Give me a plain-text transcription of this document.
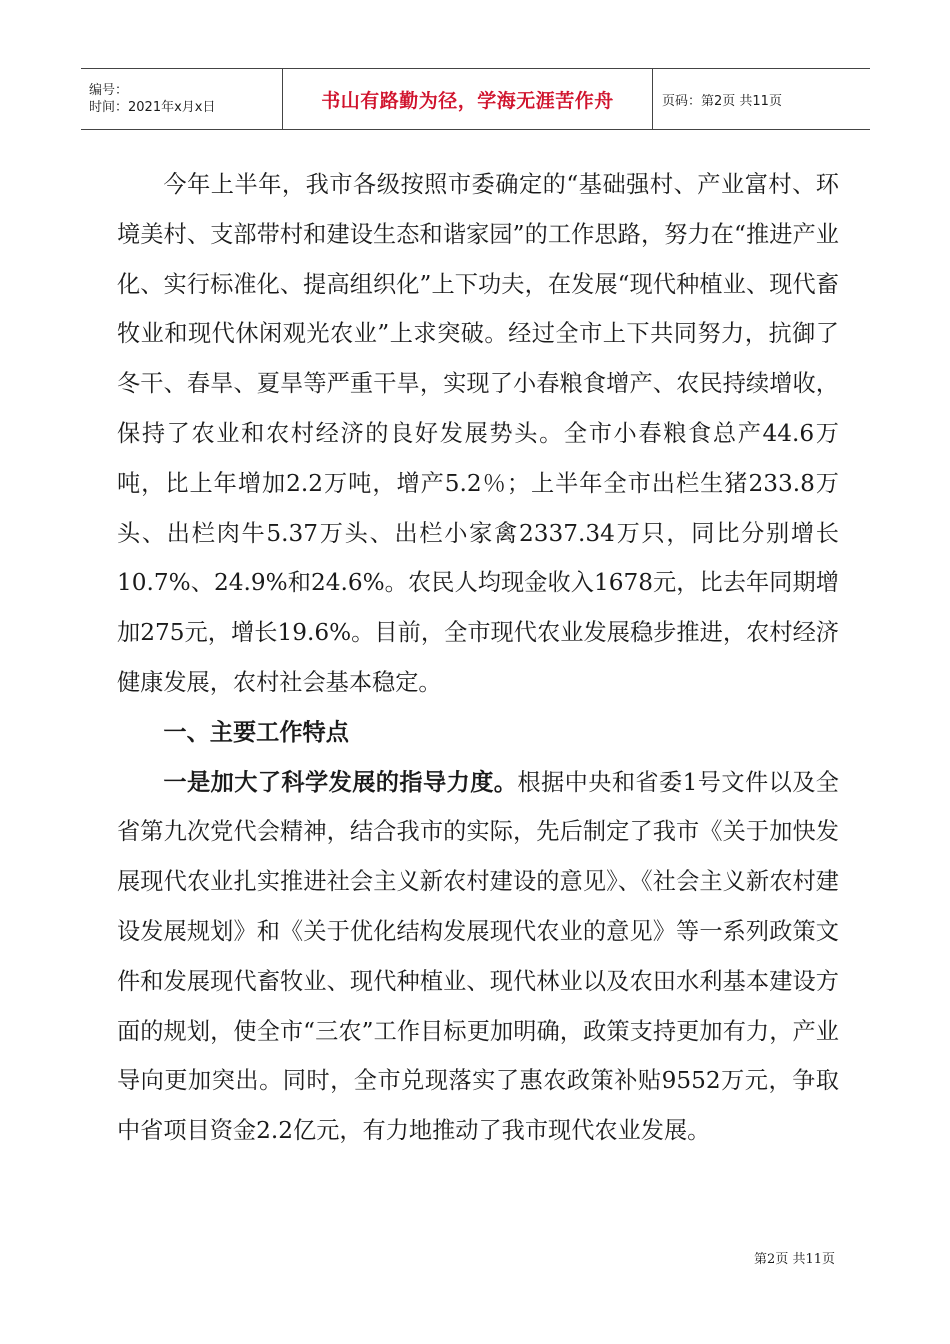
编号：
时间：2021年x月x日	书山有路勤为径，学海无涯苦作舟	页码：第2页 共11页

今年上半年，我市各级按照市委确定的“基础强村、产业富村、环境美村、支部带村和建设生态和谐家园”的工作思路，努力在“推进产业化、实行标准化、提高组织化”上下功夫，在发展“现代种植业、现代畜牧业和现代休闲观光农业”上求突破。经过全市上下共同努力，抗御了冬干、春旱、夏旱等严重干旱，实现了小春粮食增产、农民持续增收，保持了农业和农村经济的良好发展势头。全市小春粮食总产44.6万吨，比上年增加2.2万吨，增产5.2％；上半年全市出栏生猪233.8万头、出栏肉牛5.37万头、出栏小家禽2337.34万只，同比分别增长10.7%、24.9%和24.6%。农民人均现金收入1678元，比去年同期增加275元，增长19.6%。目前，全市现代农业发展稳步推进，农村经济健康发展，农村社会基本稳定。

一、主要工作特点

一是加大了科学发展的指导力度。根据中央和省委1号文件以及全省第九次党代会精神，结合我市的实际，先后制定了我市《关于加快发展现代农业扎实推进社会主义新农村建设的意见》、《社会主义新农村建设发展规划》和《关于优化结构发展现代农业的意见》等一系列政策文件和发展现代畜牧业、现代种植业、现代林业以及农田水利基本建设方面的规划，使全市“三农”工作目标更加明确，政策支持更加有力，产业导向更加突出。同时，全市兑现落实了惠农政策补贴9552万元，争取中省项目资金2.2亿元，有力地推动了我市现代农业发展。

第2页 共11页
